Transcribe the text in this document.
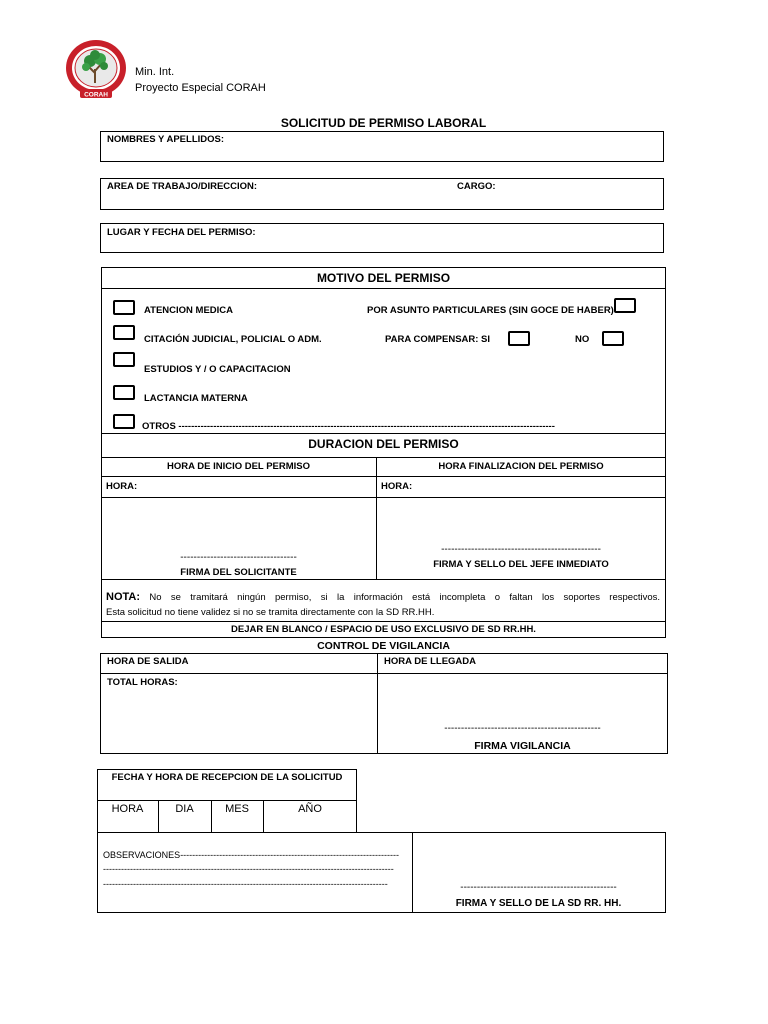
CORAH
Min. Int.
Proyecto Especial CORAH
SOLICITUD DE PERMISO LABORAL
NOMBRES Y APELLIDOS:
AREA DE TRABAJO/DIRECCION:	CARGO:
LUGAR Y FECHA DEL PERMISO:
MOTIVO DEL PERMISO
ATENCION MEDICA	POR ASUNTO PARTICULARES (SIN GOCE DE HABER)
CITACIÓN JUDICIAL, POLICIAL O ADM.	PARA COMPENSAR: SI	NO
ESTUDIOS Y / O CAPACITACION
LACTANCIA MATERNA
OTROS -----------------------------------------------------------------------------------------------------------------------
DURACION DEL PERMISO
HORA DE INICIO DEL PERMISO	HORA FINALIZACION DEL PERMISO
HORA:	HORA:
-----------------------------------
FIRMA DEL SOLICITANTE
------------------------------------------------
FIRMA Y SELLO DEL JEFE INMEDIATO
NOTA: No se tramitará ningún permiso, si la información está incompleta o faltan los soportes respectivos.
Esta solicitud no tiene validez si no se tramita directamente con la SD RR.HH.
DEJAR EN BLANCO / ESPACIO DE USO EXCLUSIVO DE SD RR.HH.
CONTROL DE VIGILANCIA
HORA DE SALIDA	HORA DE LLEGADA
TOTAL HORAS:
-----------------------------------------------
FIRMA VIGILANCIA
FECHA Y HORA DE RECEPCION DE LA SOLICITUD
HORA	DIA	MES	AÑO
OBSERVACIONES-------------------------------------------------------------------------
-------------------------------------------------------------------------------------------------
-----------------------------------------------------------------------------------------------	-----------------------------------------------
FIRMA Y SELLO DE LA SD RR. HH.
